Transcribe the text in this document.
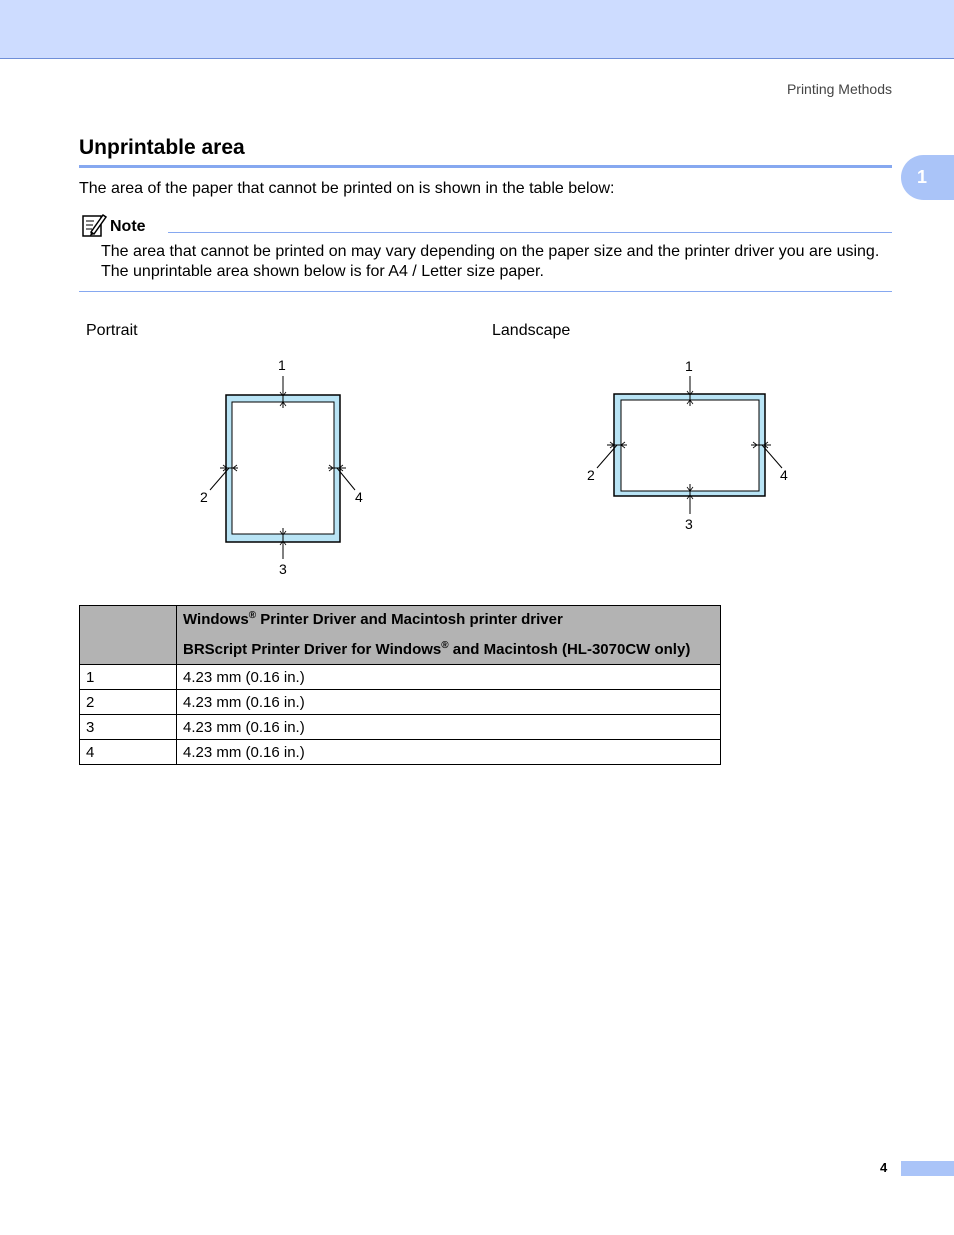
Printing Methods
1
Unprintable area
The area of the paper that cannot be printed on is shown in the table below:
Note
The area that cannot be printed on may vary depending on the paper size and the printer driver you are using. The unprintable area shown below is for A4 / Letter size paper.
Portrait	Landscape
1
2
3
4
1
2
3
4

	Windows® Printer Driver and Macintosh printer driver
BRScript Printer Driver for Windows® and Macintosh (HL-3070CW only)

1	4.23 mm (0.16 in.)
2	4.23 mm (0.16 in.)
3	4.23 mm (0.16 in.)
4	4.23 mm (0.16 in.)
4
